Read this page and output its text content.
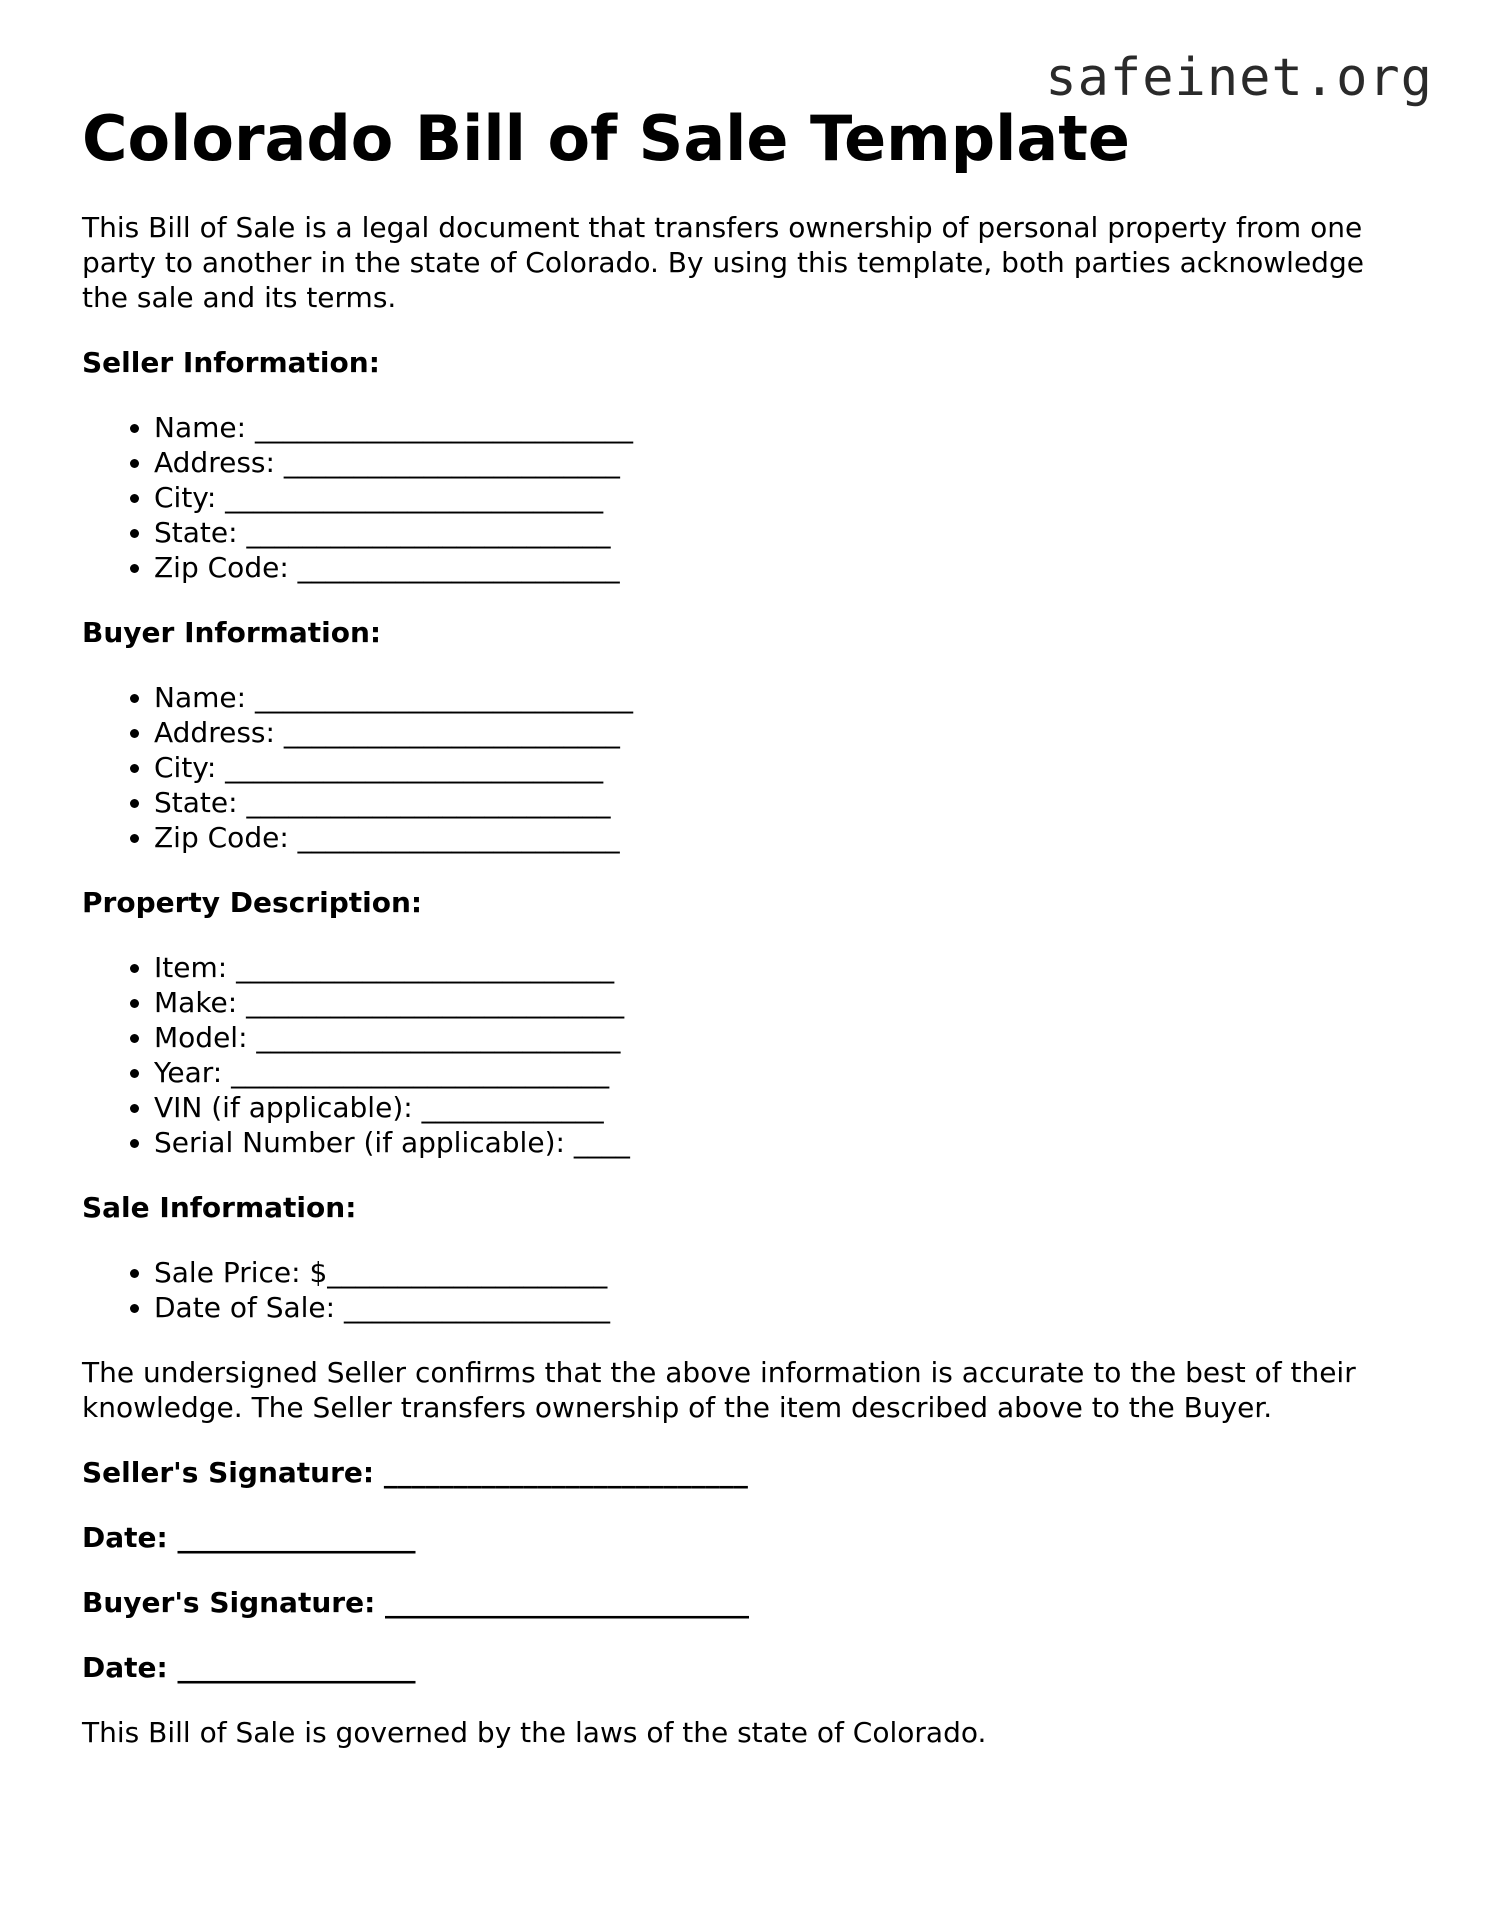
safeinet.org
Colorado Bill of Sale Template

This Bill of Sale is a legal document that transfers ownership of personal property from one party to another in the state of Colorado. By using this template, both parties acknowledge the sale and its terms.

Seller Information:
• Name: ___________________________
• Address: ________________________
• City: ___________________________
• State: __________________________
• Zip Code: _______________________
Buyer Information:
• Name: ___________________________
• Address: ________________________
• City: ___________________________
• State: __________________________
• Zip Code: _______________________
Property Description:
• Item: ___________________________
• Make: ___________________________
• Model: __________________________
• Year: ___________________________
• VIN (if applicable): _____________
• Serial Number (if applicable): ____
Sale Information:
• Sale Price: $____________________
• Date of Sale: ___________________

The undersigned Seller confirms that the above information is accurate to the best of their knowledge. The Seller transfers ownership of the item described above to the Buyer.

Seller's Signature: __________________________
Date: _________________
Buyer's Signature: __________________________
Date: _________________

This Bill of Sale is governed by the laws of the state of Colorado.
